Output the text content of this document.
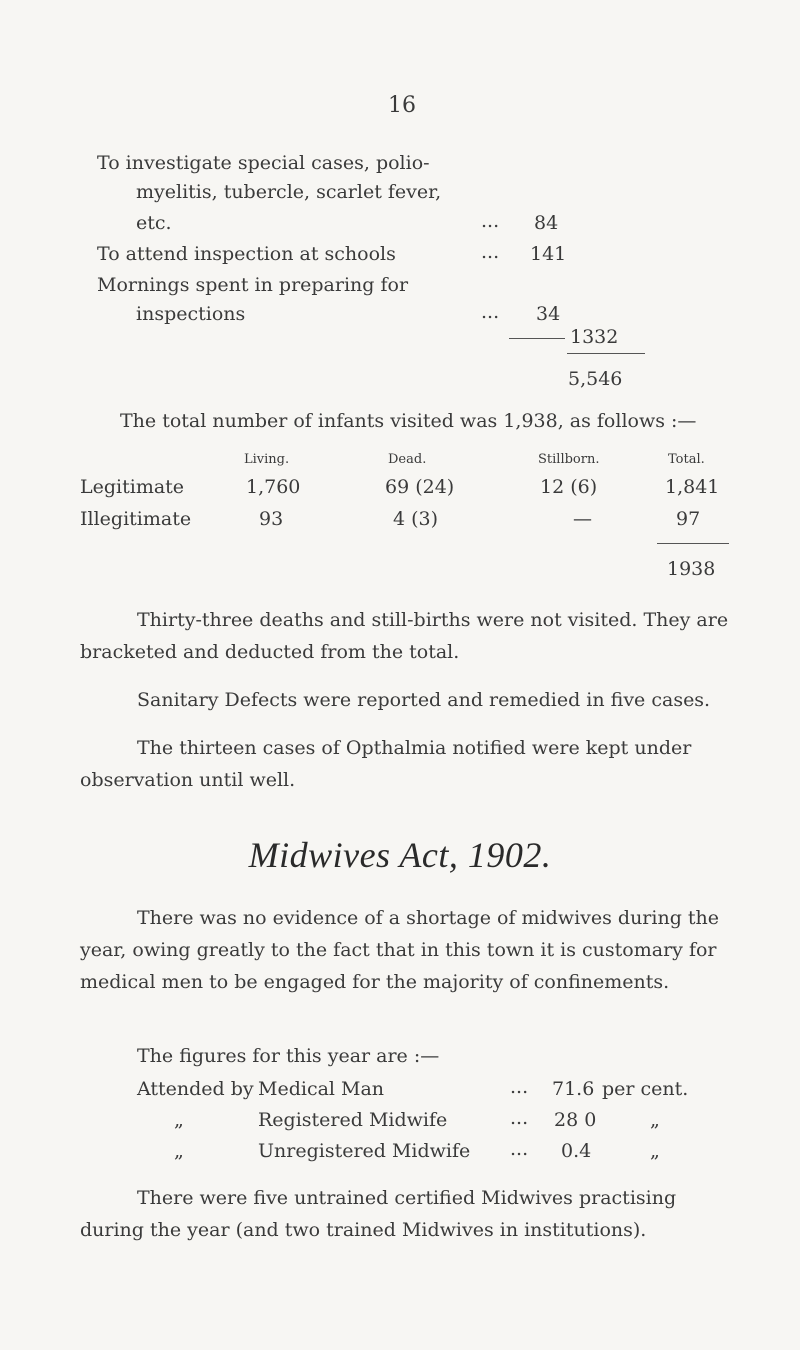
16
To investigate special cases, polio-
myelitis, tubercle, scarlet fever,
etc.	... 84
To attend inspection at schools	... 141
Mornings spent in preparing for
inspections	... 34
1332
5,546
The total number of infants visited was 1,938, as follows :—
Living.	Dead.	Stillborn.	Total.
Legitimate	1,760	69 (24)	12 (6)	1,841
Illegitimate	93	4 (3)	—	97
1938
Thirty-three deaths and still-births were not visited. They are bracketed and deducted from the total.
Sanitary Defects were reported and remedied in five cases.
The thirteen cases of Opthalmia notified were kept under observation until well.
Midwives Act, 1902.
There was no evidence of a shortage of midwives during the year, owing greatly to the fact that in this town it is customary for medical men to be engaged for the majority of confinements.
The figures for this year are :—
Attended by Medical Man	... 71.6 per cent.
„	Registered Midwife	... 28 0	„
„	Unregistered Midwife ... 0.4	„
There were five untrained certified Midwives practising during the year (and two trained Midwives in institutions).
